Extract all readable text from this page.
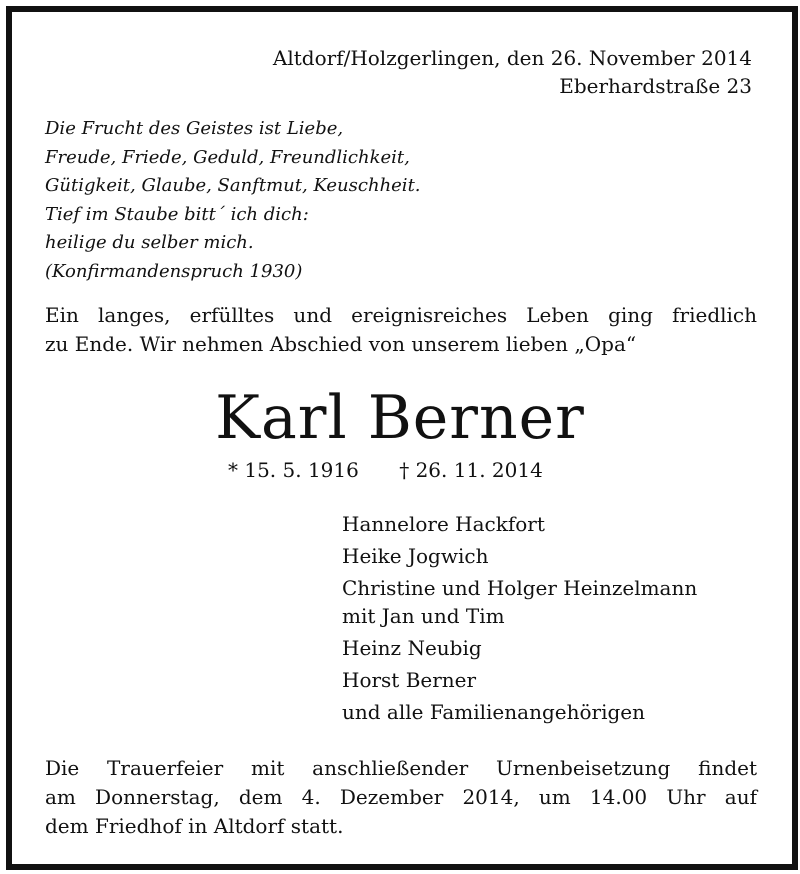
Altdorf/Holzgerlingen, den 26. November 2014
Eberhardstraße 23
Die Frucht des Geistes ist Liebe,
Freude, Friede, Geduld, Freundlichkeit,
Gütigkeit, Glaube, Sanftmut, Keuschheit.
Tief im Staube bitt´ ich dich:
heilige du selber mich.
(Konfirmandenspruch 1930)
Ein langes, erfülltes und ereignisreiches Leben ging friedlich
zu Ende. Wir nehmen Abschied von unserem lieben „Opa“
Karl Berner
* 15. 5. 1916 † 26. 11. 2014
Hannelore Hackfort
Heike Jogwich
Christine und Holger Heinzelmann
mit Jan und Tim
Heinz Neubig
Horst Berner
und alle Familienangehörigen
Die Trauerfeier mit anschließender Urnenbeisetzung findet
am Donnerstag, dem 4. Dezember 2014, um 14.00 Uhr auf
dem Friedhof in Altdorf statt.
